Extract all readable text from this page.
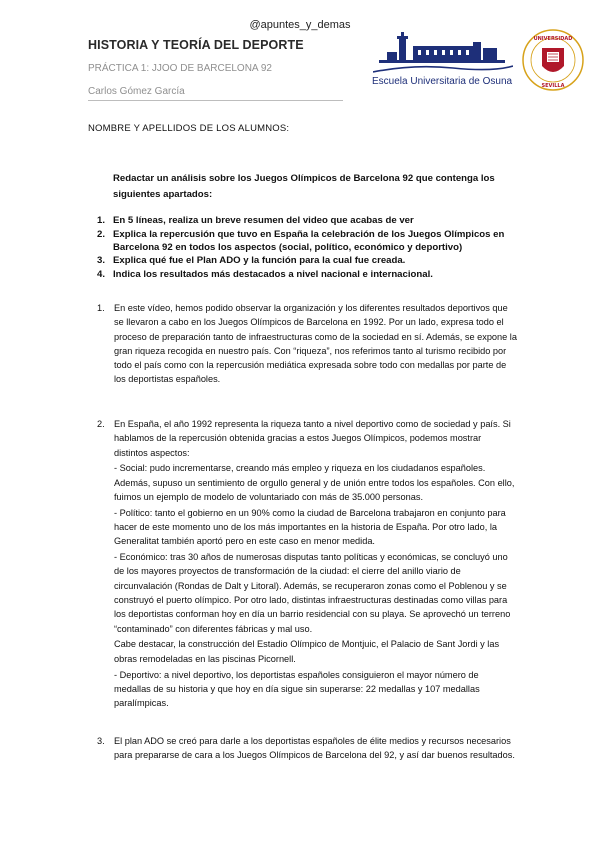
@apuntes_y_demas
HISTORIA Y TEORÍA DEL DEPORTE
PRÁCTICA 1: JJOO DE BARCELONA 92
Carlos Gómez García
Escuela Universitaria de Osuna
UNIVERSIDAD
SEVILLA
NOMBRE Y APELLIDOS DE LOS ALUMNOS:
Redactar un análisis sobre los Juegos Olímpicos de Barcelona 92 que contenga los siguientes apartados:
1. En 5 líneas, realiza un breve resumen del video que acabas de ver
2. Explica la repercusión que tuvo en España la celebración de los Juegos Olímpicos en Barcelona 92 en todos los aspectos (social, político, económico y deportivo)
3. Explica qué fue el Plan ADO y la función para la cual fue creada.
4. Indica los resultados más destacados a nivel nacional e internacional.
1. En este vídeo, hemos podido observar la organización y los diferentes resultados deportivos que se llevaron a cabo en los Juegos Olímpicos de Barcelona en 1992. Por un lado, expresa todo el proceso de preparación tanto de infraestructuras como de la sociedad en sí. Además, se expone la gran riqueza recogida en nuestro país. Con “riqueza”, nos referimos tanto al turismo recibido por todo el país como con la repercusión mediática expresada sobre todo con medallas por parte de los deportistas españoles.

2. En España, el año 1992 representa la riqueza tanto a nivel deportivo como de sociedad y país. Si hablamos de la repercusión obtenida gracias a estos Juegos Olímpicos, podemos mostrar distintos aspectos:

- Social: pudo incrementarse, creando más empleo y riqueza en los ciudadanos españoles. Además, supuso un sentimiento de orgullo general y de unión entre todos los españoles. Con ello, fuimos un ejemplo de modelo de voluntariado con más de 35.000 personas.

- Político: tanto el gobierno en un 90% como la ciudad de Barcelona trabajaron en conjunto para hacer de este momento uno de los más importantes en la historia de España. Por otro lado, la Generalitat también aportó pero en este caso en menor medida.

- Económico: tras 30 años de numerosas disputas tanto políticas y económicas, se concluyó uno de los mayores proyectos de transformación de la ciudad: el cierre del anillo viario de circunvalación (Rondas de Dalt y Litoral). Además, se recuperaron zonas como el Poblenou y se construyó el puerto olímpico. Por otro lado, distintas infraestructuras destinadas como villas para los deportistas conforman hoy en día un barrio residencial con su playa. Se aprovechó un terreno “contaminado” con diferentes fábricas y mal uso.

Cabe destacar, la construcción del Estadio Olímpico de Montjuic, el Palacio de Sant Jordi y las obras remodeladas en las piscinas Picornell.

- Deportivo: a nivel deportivo, los deportistas españoles consiguieron el mayor número de medallas de su historia y que hoy en día sigue sin superarse: 22 medallas y 107 medallas paralímpicas.

3. El plan ADO se creó para darle a los deportistas españoles de élite medios y recursos necesarios para prepararse de cara a los Juegos Olímpicos de Barcelona del 92, y así dar buenos resultados.
